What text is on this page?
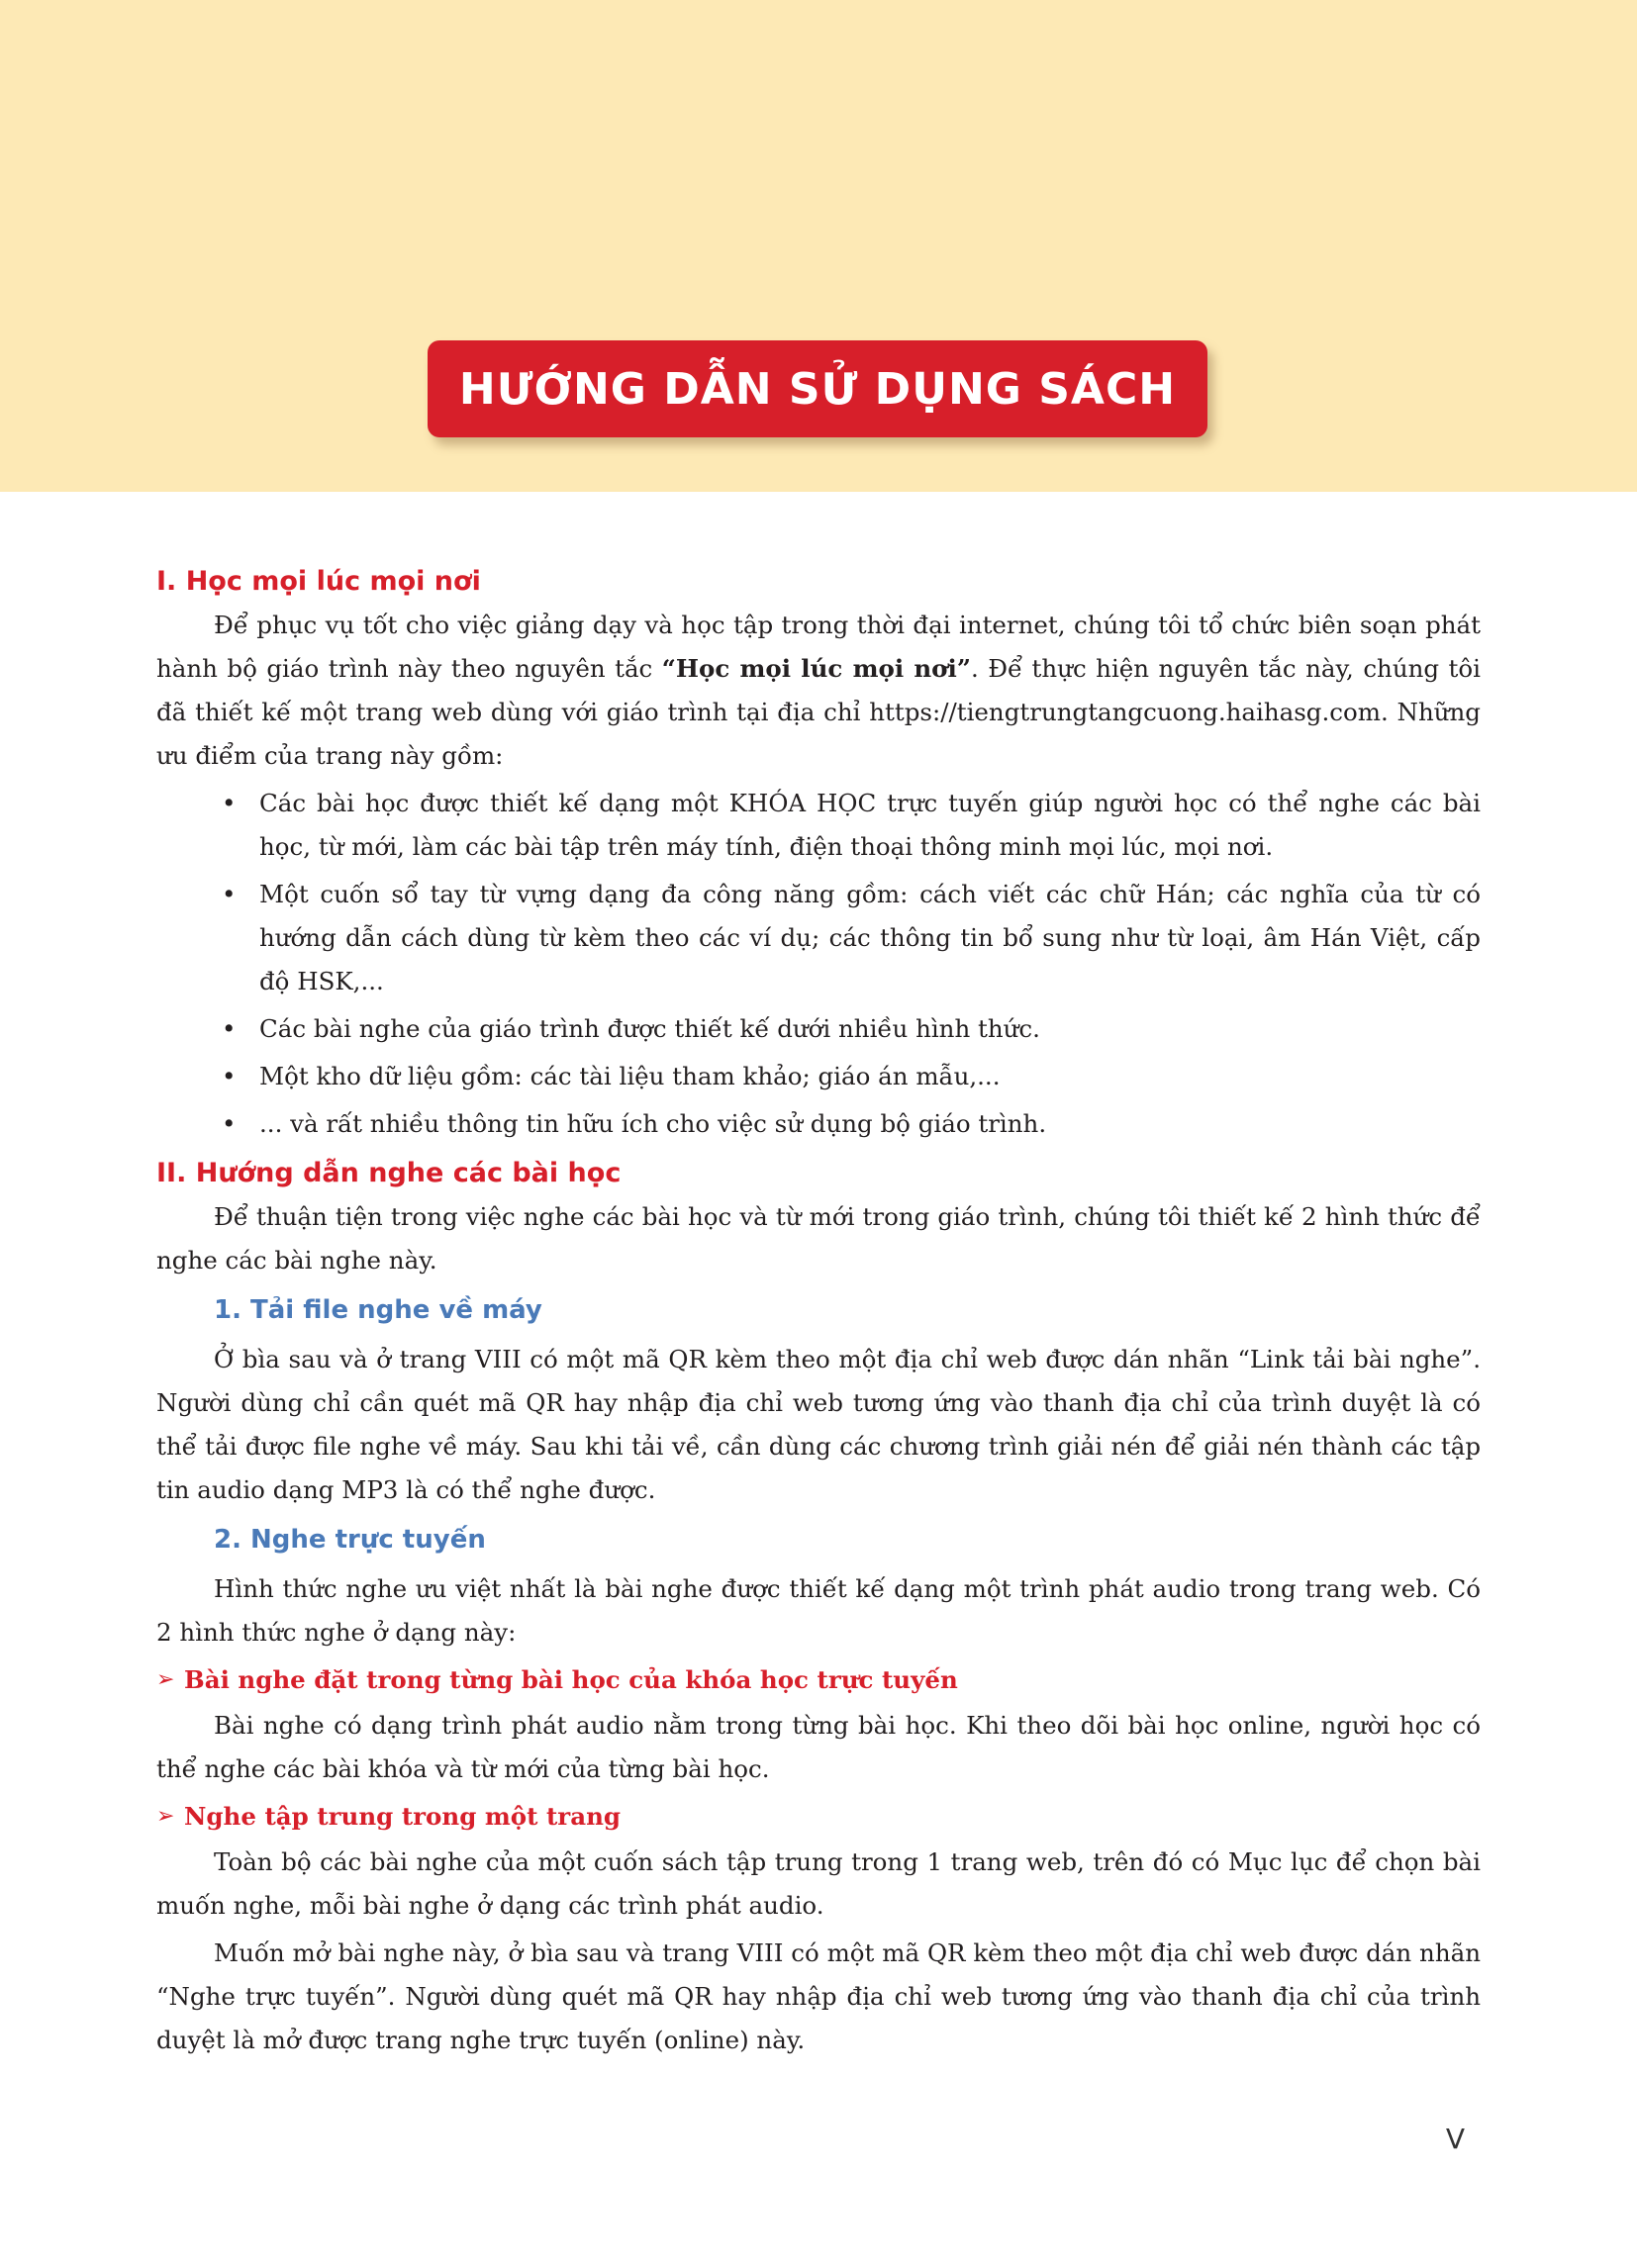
HƯỚNG DẪN SỬ DỤNG SÁCH
I. Học mọi lúc mọi nơi

Để phục vụ tốt cho việc giảng dạy và học tập trong thời đại internet, chúng tôi tổ chức biên soạn phát hành bộ giáo trình này theo nguyên tắc “Học mọi lúc mọi nơi”. Để thực hiện nguyên tắc này, chúng tôi đã thiết kế một trang web dùng với giáo trình tại địa chỉ https://tiengtrungtangcuong.haihasg.com. Những ưu điểm của trang này gồm:

• Các bài học được thiết kế dạng một KHÓA HỌC trực tuyến giúp người học có thể nghe các bài học, từ mới, làm các bài tập trên máy tính, điện thoại thông minh mọi lúc, mọi nơi.
• Một cuốn sổ tay từ vựng dạng đa công năng gồm: cách viết các chữ Hán; các nghĩa của từ có hướng dẫn cách dùng từ kèm theo các ví dụ; các thông tin bổ sung như từ loại, âm Hán Việt, cấp độ HSK,...
• Các bài nghe của giáo trình được thiết kế dưới nhiều hình thức.
• Một kho dữ liệu gồm: các tài liệu tham khảo; giáo án mẫu,...
• ... và rất nhiều thông tin hữu ích cho việc sử dụng bộ giáo trình.
II. Hướng dẫn nghe các bài học

Để thuận tiện trong việc nghe các bài học và từ mới trong giáo trình, chúng tôi thiết kế 2 hình thức để nghe các bài nghe này.

1. Tải file nghe về máy

Ở bìa sau và ở trang VIII có một mã QR kèm theo một địa chỉ web được dán nhãn “Link tải bài nghe”. Người dùng chỉ cần quét mã QR hay nhập địa chỉ web tương ứng vào thanh địa chỉ của trình duyệt là có thể tải được file nghe về máy. Sau khi tải về, cần dùng các chương trình giải nén để giải nén thành các tập tin audio dạng MP3 là có thể nghe được.

2. Nghe trực tuyến

Hình thức nghe ưu việt nhất là bài nghe được thiết kế dạng một trình phát audio trong trang web. Có 2 hình thức nghe ở dạng này:

➢ Bài nghe đặt trong từng bài học của khóa học trực tuyến

Bài nghe có dạng trình phát audio nằm trong từng bài học. Khi theo dõi bài học online, người học có thể nghe các bài khóa và từ mới của từng bài học.

➢ Nghe tập trung trong một trang

Toàn bộ các bài nghe của một cuốn sách tập trung trong 1 trang web, trên đó có Mục lục để chọn bài muốn nghe, mỗi bài nghe ở dạng các trình phát audio.

Muốn mở bài nghe này, ở bìa sau và trang VIII có một mã QR kèm theo một địa chỉ web được dán nhãn “Nghe trực tuyến”. Người dùng quét mã QR hay nhập địa chỉ web tương ứng vào thanh địa chỉ của trình duyệt là mở được trang nghe trực tuyến (online) này.

V
